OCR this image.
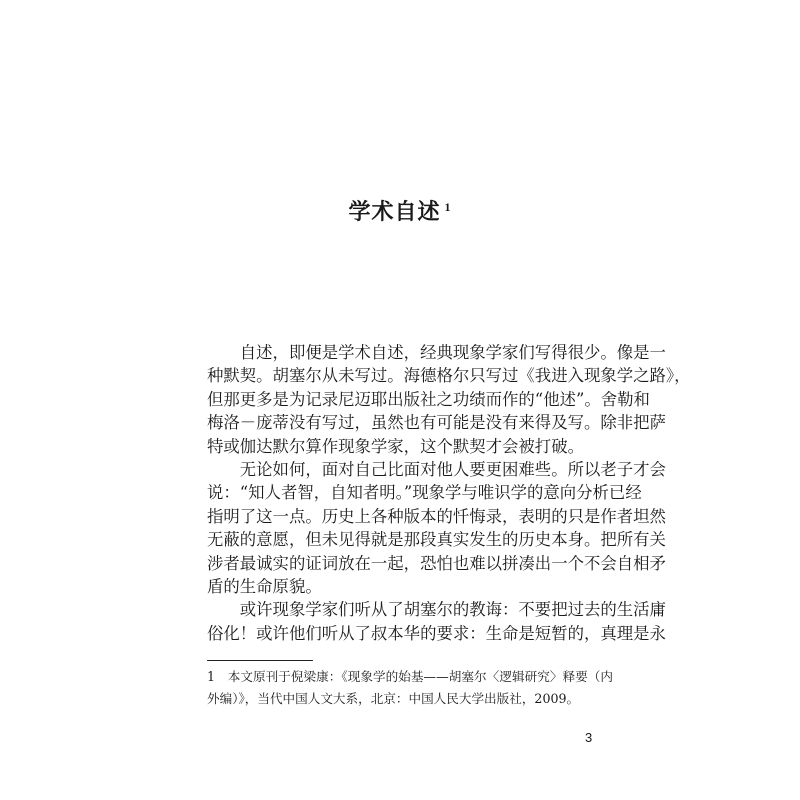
学术自述 $^1$
　　自述，即便是学术自述，经典现象学家们写得很少。像是一
种默契。胡塞尔从未写过。海德格尔只写过《我进入现象学之路》，
但那更多是为记录尼迈耶出版社之功绩而作的“他述”。舍勒和
梅洛－庞蒂没有写过，虽然也有可能是没有来得及写。除非把萨
特或伽达默尔算作现象学家，这个默契才会被打破。
　　无论如何，面对自己比面对他人要更困难些。所以老子才会
说：“知人者智，自知者明。”现象学与唯识学的意向分析已经
指明了这一点。历史上各种版本的忏悔录，表明的只是作者坦然
无蔽的意愿，但未见得就是那段真实发生的历史本身。把所有关
涉者最诚实的证词放在一起，恐怕也难以拼凑出一个不会自相矛
盾的生命原貌。
　　或许现象学家们听从了胡塞尔的教诲：不要把过去的生活庸
俗化！或许他们听从了叔本华的要求：生命是短暂的，真理是永
1　本文原刊于倪梁康：《现象学的始基——胡塞尔〈逻辑研究〉释要（内
外编）》，当代中国人文大系，北京：中国人民大学出版社，2009。
3
